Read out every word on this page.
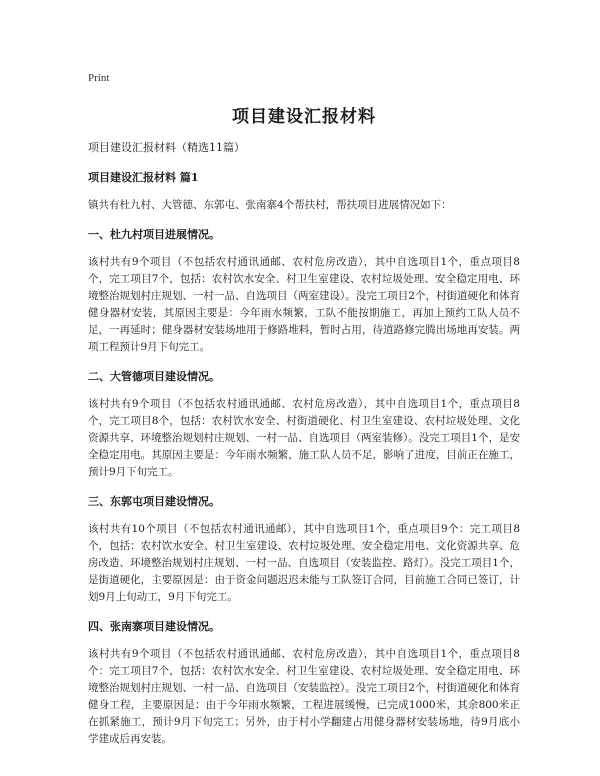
Print
项目建设汇报材料
项目建设汇报材料（精选11篇）
项目建设汇报材料 篇1
镇共有杜九村、大管德、东郭屯、张南寨4个帮扶村，帮扶项目进展情况如下：
一、杜九村项目进展情况。
该村共有9个项目（不包括农村通讯通邮、农村危房改造），其中自选项目1个，重点项目8个，完工项目7个，包括：农村饮水安全、村卫生室建设、农村垃圾处理、安全稳定用电、环境整治规划村庄规划、一村一品、自选项目（两室建设）。没完工项目2个，村街道硬化和体育健身器材安装，其原因主要是：今年雨水频繁，工队不能按期施工，再加上预约工队人员不足，一再延时；健身器材安装场地用于修路堆料，暂时占用，待道路修完腾出场地再安装。两项工程预计9月下旬完工。
二、大管德项目建设情况。
该村共有9个项目（不包括农村通讯通邮、农村危房改造），其中自选项目1个，重点项目8个，完工项目8个，包括：农村饮水安全、村街道硬化、村卫生室建设、农村垃圾处理、文化资源共享、环境整治规划村庄规划、一村一品、自选项目（两室装修）。没完工项目1个，是安全稳定用电。其原因主要是：今年雨水频繁，施工队人员不足，影响了进度，目前正在施工，预计9月下旬完工。
三、东郭屯项目建设情况。
该村共有10个项目（不包括农村通讯通邮），其中自选项目1个，重点项目9个：完工项目8个，包括：农村饮水安全、村卫生室建设、农村垃圾处理、安全稳定用电、文化资源共享、危房改造、环境整治规划村庄规划、一村一品、自选项目（安装监控、路灯）。没完工项目1个，是街道硬化，主要原因是：由于资金问题迟迟未能与工队签订合同，目前施工合同已签订，计划9月上旬动工，9月下旬完工。
四、张南寨项目建设情况。
该村共有9个项目（不包括农村通讯通邮、农村危房改造），其中自选项目1个，重点项目8个：完工项目7个，包括：农村饮水安全、村卫生室建设、农村垃圾处理、安全稳定用电、环境整治规划村庄规划、一村一品、自选项目（安装监控）。没完工项目2个，村街道硬化和体育健身工程，主要原因是：由于今年雨水频繁，工程进展缓慢，已完成1000米，其余800米正在抓紧施工，预计9月下旬完工；另外，由于村小学翻建占用健身器材安装场地，待9月底小学建成后再安装。
